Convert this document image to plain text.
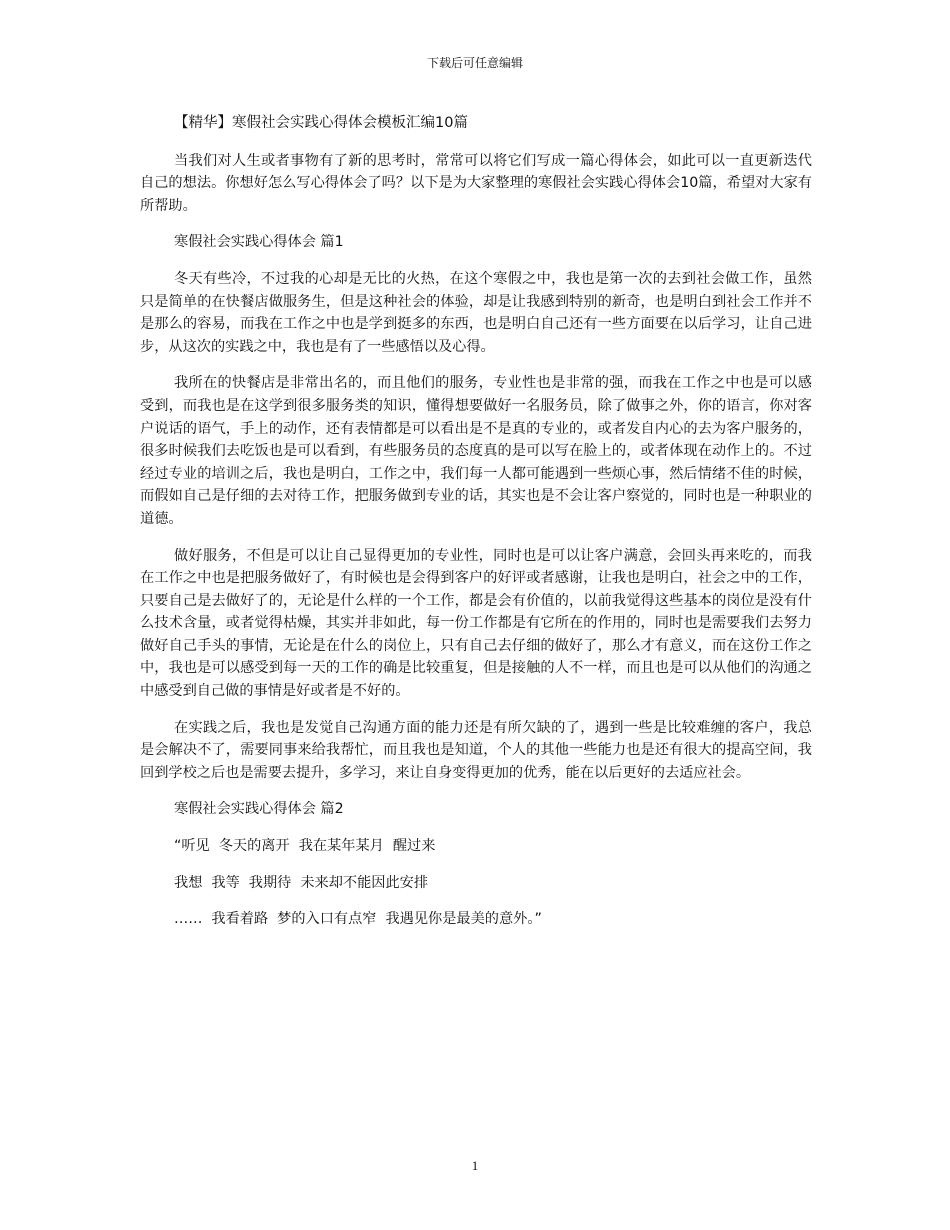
下载后可任意编辑
【精华】寒假社会实践心得体会模板汇编10篇

当我们对人生或者事物有了新的思考时，常常可以将它们写成一篇心得体会，如此可以一直更新迭代自己的想法。你想好怎么写心得体会了吗？以下是为大家整理的寒假社会实践心得体会10篇，希望对大家有所帮助。

寒假社会实践心得体会 篇1

冬天有些冷，不过我的心却是无比的火热，在这个寒假之中，我也是第一次的去到社会做工作，虽然只是简单的在快餐店做服务生，但是这种社会的体验，却是让我感到特别的新奇，也是明白到社会工作并不是那么的容易，而我在工作之中也是学到挺多的东西，也是明白自己还有一些方面要在以后学习，让自己进步，从这次的实践之中，我也是有了一些感悟以及心得。

我所在的快餐店是非常出名的，而且他们的服务，专业性也是非常的强，而我在工作之中也是可以感受到，而我也是在这学到很多服务类的知识，懂得想要做好一名服务员，除了做事之外，你的语言，你对客户说话的语气，手上的动作，还有表情都是可以看出是不是真的专业的，或者发自内心的去为客户服务的，很多时候我们去吃饭也是可以看到，有些服务员的态度真的是可以写在脸上的，或者体现在动作上的。不过经过专业的培训之后，我也是明白，工作之中，我们每一人都可能遇到一些烦心事，然后情绪不佳的时候，而假如自己是仔细的去对待工作，把服务做到专业的话，其实也是不会让客户察觉的，同时也是一种职业的道德。

做好服务，不但是可以让自己显得更加的专业性，同时也是可以让客户满意，会回头再来吃的，而我在工作之中也是把服务做好了，有时候也是会得到客户的好评或者感谢，让我也是明白，社会之中的工作，只要自己是去做好了的，无论是什么样的一个工作，都是会有价值的，以前我觉得这些基本的岗位是没有什么技术含量，或者觉得枯燥，其实并非如此，每一份工作都是有它所在的作用的，同时也是需要我们去努力做好自己手头的事情，无论是在什么的岗位上，只有自己去仔细的做好了，那么才有意义，而在这份工作之中，我也是可以感受到每一天的工作的确是比较重复，但是接触的人不一样，而且也是可以从他们的沟通之中感受到自己做的事情是好或者是不好的。

在实践之后，我也是发觉自己沟通方面的能力还是有所欠缺的了，遇到一些是比较难缠的客户，我总是会解决不了，需要同事来给我帮忙，而且我也是知道，个人的其他一些能力也是还有很大的提高空间，我回到学校之后也是需要去提升，多学习，来让自身变得更加的优秀，能在以后更好的去适应社会。

寒假社会实践心得体会 篇2
“听见  冬天的离开  我在某年某月  醒过来
我想  我等  我期待  未来却不能因此安排
……  我看着路  梦的入口有点窄  我遇见你是最美的意外。”
1
